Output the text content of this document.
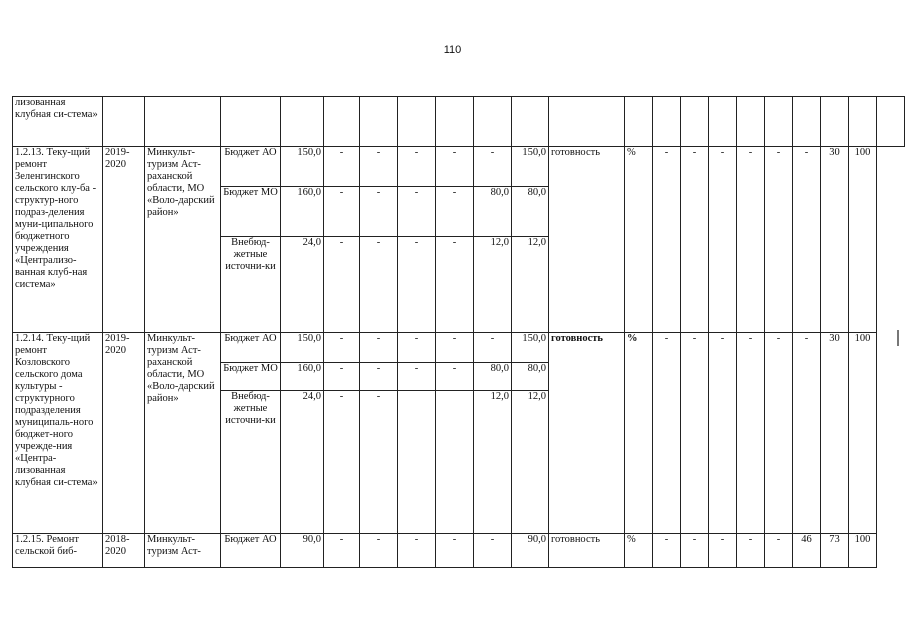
110
лизованная клубная си-стема»																					
1.2.13. Теку-щий ремонт Зеленгинского сельского клу-ба - структур-ного подраз-деления муни-ципального бюджетного учреждения «Централизо-ванная клуб-ная система»	2019-2020	Минкульт-туризм Аст-раханской области, МО «Воло-дарский район»	Бюджет АО	150,0	-	-	-	-	-	150,0	готовность	%	-	-	-	-	-	-	30	100	
			Бюджет МО	160,0	-	-	-	-	80,0	80,0											
			Внебюд-жетные источни-ки	24,0	-	-	-	-	12,0	12,0											
1.2.14. Теку-щий ремонт Козловского сельского дома культуры - структурного подразделения муниципаль-ного бюджет-ного учрежде-ния «Центра-лизованная клубная си-стема»	2019-2020	Минкульт-туризм Аст-раханской области, МО «Воло-дарский район»	Бюджет АО	150,0	-	-	-	-	-	150,0	готовность	%	-	-	-	-	-	-	30	100	
			Бюджет МО	160,0	-	-	-	-	80,0	80,0											
			Внебюд-жетные источни-ки	24,0	-	-			12,0	12,0											
1.2.15. Ремонт сельской биб-	2018-2020	Минкульт-туризм Аст-	Бюджет АО	90,0	-	-	-	-	-	90,0	готовность	%	-	-	-	-	-	46	73	100	
